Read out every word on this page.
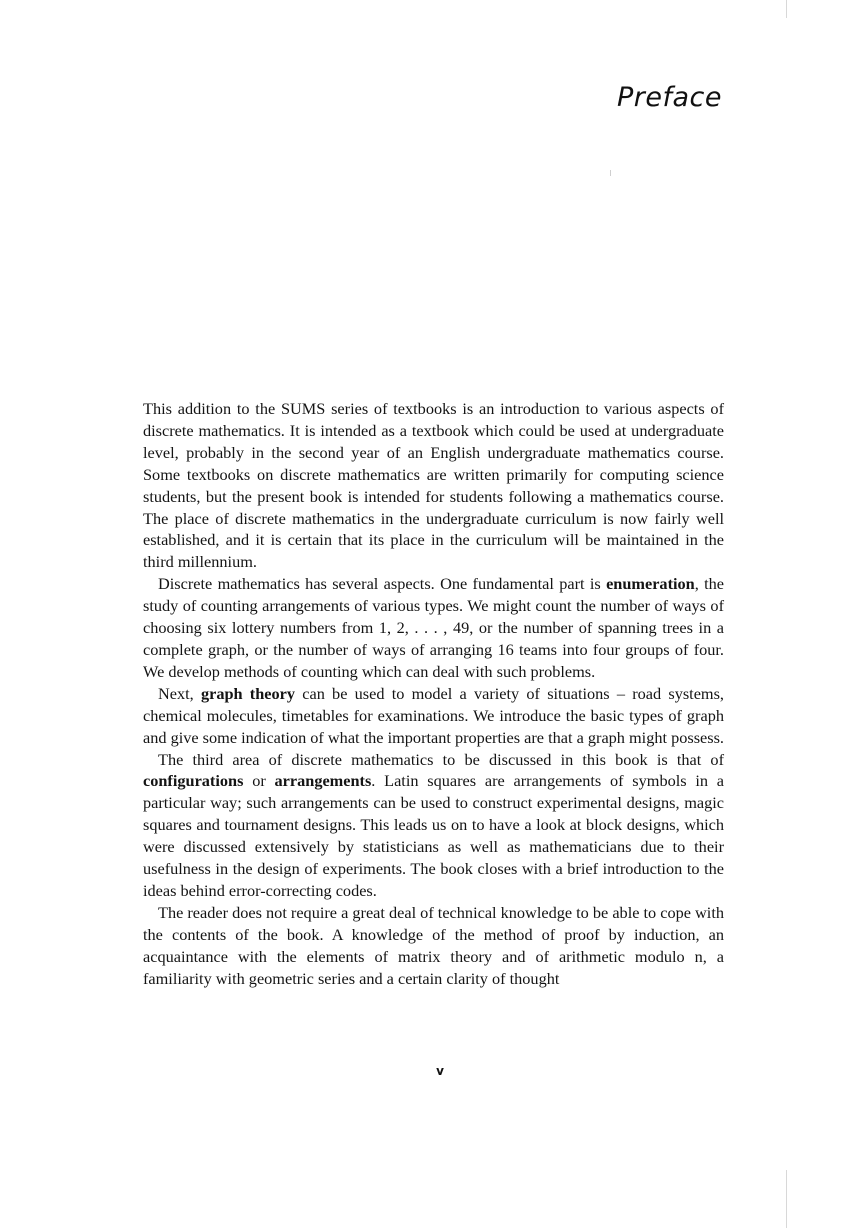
Preface

This addition to the SUMS series of textbooks is an introduction to various aspects of discrete mathematics. It is intended as a textbook which could be used at undergraduate level, probably in the second year of an English undergraduate mathematics course. Some textbooks on discrete mathematics are written primarily for computing science students, but the present book is intended for students following a mathematics course. The place of discrete mathematics in the undergraduate curriculum is now fairly well established, and it is certain that its place in the curriculum will be maintained in the third millennium.

Discrete mathematics has several aspects. One fundamental part is enumeration, the study of counting arrangements of various types. We might count the number of ways of choosing six lottery numbers from 1, 2, . . . , 49, or the number of spanning trees in a complete graph, or the number of ways of arranging 16 teams into four groups of four. We develop methods of counting which can deal with such problems.

Next, graph theory can be used to model a variety of situations – road systems, chemical molecules, timetables for examinations. We introduce the basic types of graph and give some indication of what the important properties are that a graph might possess.

The third area of discrete mathematics to be discussed in this book is that of configurations or arrangements. Latin squares are arrangements of symbols in a particular way; such arrangements can be used to construct experimental designs, magic squares and tournament designs. This leads us on to have a look at block designs, which were discussed extensively by statisticians as well as mathematicians due to their usefulness in the design of experiments. The book closes with a brief introduction to the ideas behind error-correcting codes.

The reader does not require a great deal of technical knowledge to be able to cope with the contents of the book. A knowledge of the method of proof by induction, an acquaintance with the elements of matrix theory and of arithmetic modulo n, a familiarity with geometric series and a certain clarity of thought

v
